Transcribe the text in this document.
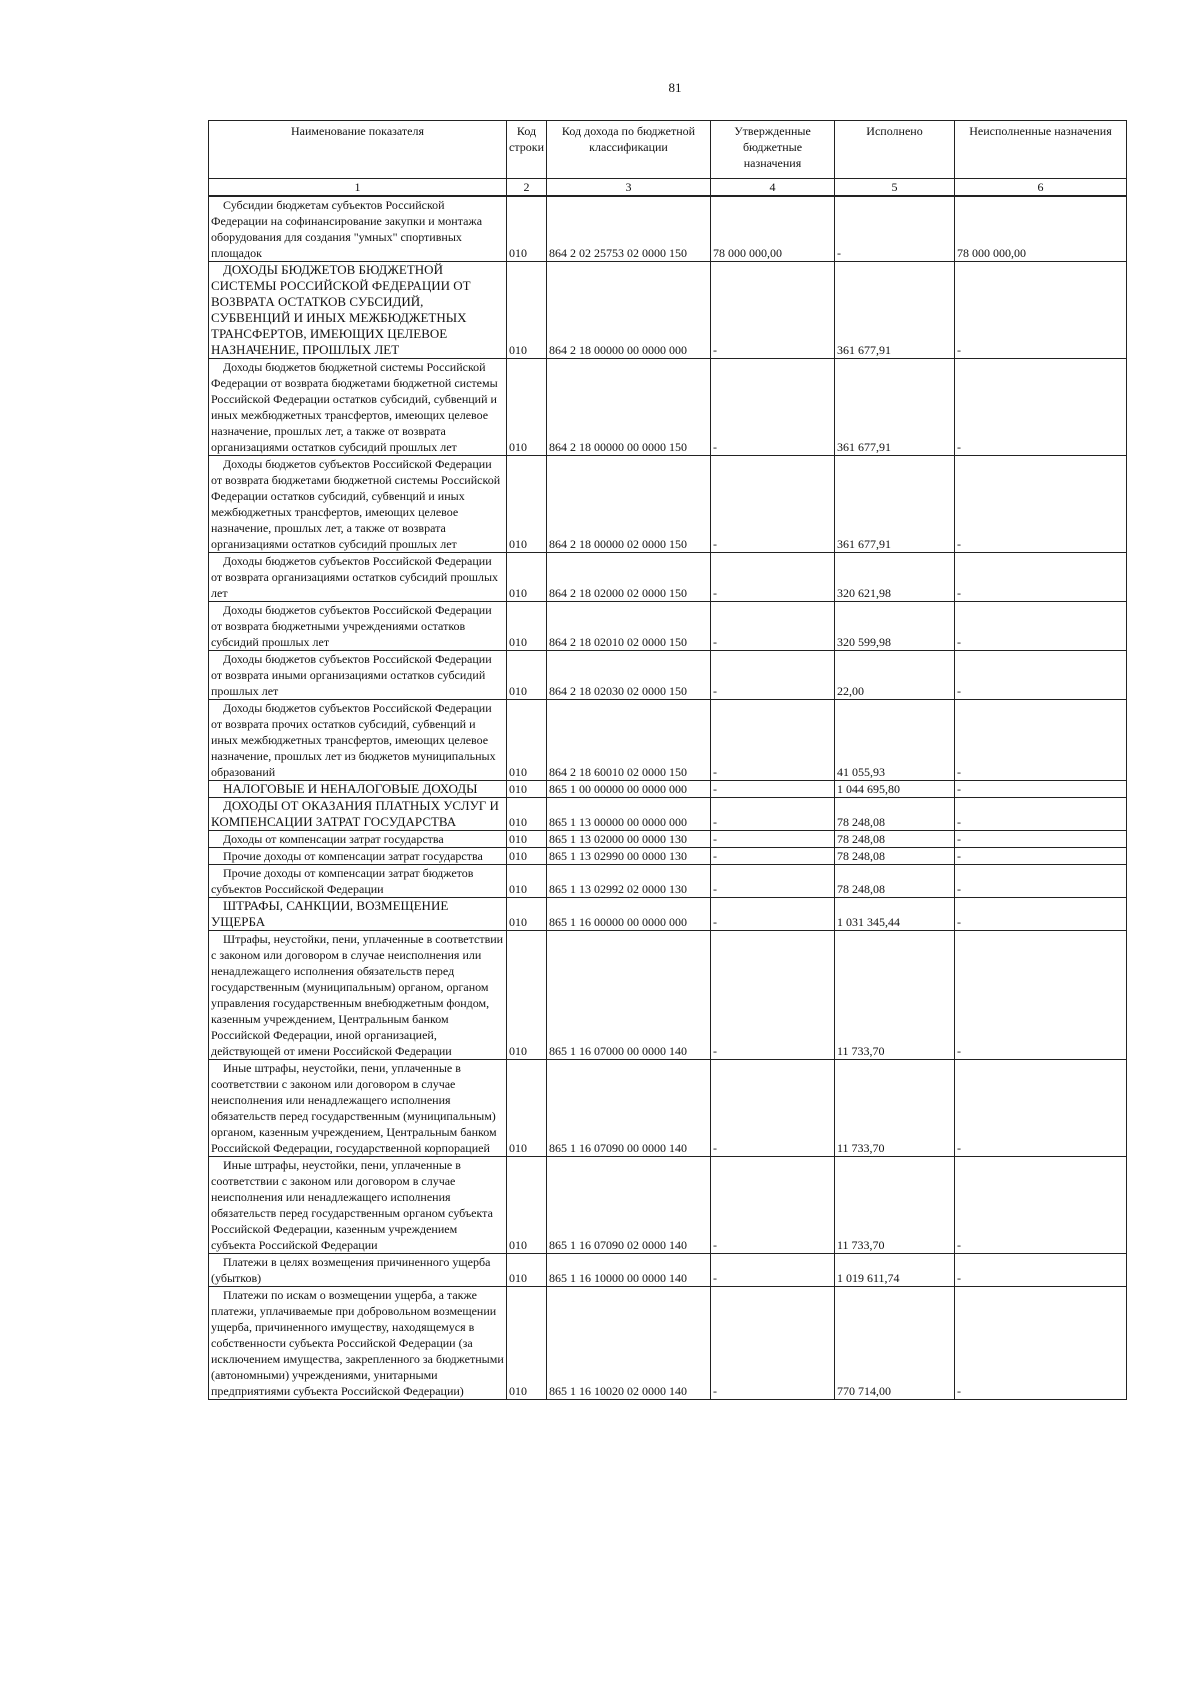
81
Наименование показателя	Код строки	Код дохода по бюджетной классификации	Утвержденные бюджетные назначения	Исполнено	Неисполненные назначения
1	2	3	4	5	6
Субсидии бюджетам субъектов Российской Федерации на софинансирование закупки и монтажа оборудования для создания "умных" спортивных площадок	010	864 2 02 25753 02 0000 150	78 000 000,00	-	78 000 000,00
ДОХОДЫ БЮДЖЕТОВ БЮДЖЕТНОЙ СИСТЕМЫ РОССИЙСКОЙ ФЕДЕРАЦИИ ОТ ВОЗВРАТА ОСТАТКОВ СУБСИДИЙ, СУБВЕНЦИЙ И ИНЫХ МЕЖБЮДЖЕТНЫХ ТРАНСФЕРТОВ, ИМЕЮЩИХ ЦЕЛЕВОЕ НАЗНАЧЕНИЕ, ПРОШЛЫХ ЛЕТ	010	864 2 18 00000 00 0000 000	-	361 677,91	-
Доходы бюджетов бюджетной системы Российской Федерации от возврата бюджетами бюджетной системы Российской Федерации остатков субсидий, субвенций и иных межбюджетных трансфертов, имеющих целевое назначение, прошлых лет, а также от возврата организациями остатков субсидий прошлых лет	010	864 2 18 00000 00 0000 150	-	361 677,91	-
Доходы бюджетов субъектов Российской Федерации от возврата бюджетами бюджетной системы Российской Федерации остатков субсидий, субвенций и иных межбюджетных трансфертов, имеющих целевое назначение, прошлых лет, а также от возврата организациями остатков субсидий прошлых лет	010	864 2 18 00000 02 0000 150	-	361 677,91	-
Доходы бюджетов субъектов Российской Федерации от возврата организациями остатков субсидий прошлых лет	010	864 2 18 02000 02 0000 150	-	320 621,98	-
Доходы бюджетов субъектов Российской Федерации от возврата бюджетными учреждениями остатков субсидий прошлых лет	010	864 2 18 02010 02 0000 150	-	320 599,98	-
Доходы бюджетов субъектов Российской Федерации от возврата иными организациями остатков субсидий прошлых лет	010	864 2 18 02030 02 0000 150	-	22,00	-
Доходы бюджетов субъектов Российской Федерации от возврата прочих остатков субсидий, субвенций и иных межбюджетных трансфертов, имеющих целевое назначение, прошлых лет из бюджетов муниципальных образований	010	864 2 18 60010 02 0000 150	-	41 055,93	-
НАЛОГОВЫЕ И НЕНАЛОГОВЫЕ ДОХОДЫ	010	865 1 00 00000 00 0000 000	-	1 044 695,80	-
ДОХОДЫ ОТ ОКАЗАНИЯ ПЛАТНЫХ УСЛУГ И КОМПЕНСАЦИИ ЗАТРАТ ГОСУДАРСТВА	010	865 1 13 00000 00 0000 000	-	78 248,08	-
Доходы от компенсации затрат государства	010	865 1 13 02000 00 0000 130	-	78 248,08	-
Прочие доходы от компенсации затрат государства	010	865 1 13 02990 00 0000 130	-	78 248,08	-
Прочие доходы от компенсации затрат бюджетов субъектов Российской Федерации	010	865 1 13 02992 02 0000 130	-	78 248,08	-
ШТРАФЫ, САНКЦИИ, ВОЗМЕЩЕНИЕ УЩЕРБА	010	865 1 16 00000 00 0000 000	-	1 031 345,44	-
Штрафы, неустойки, пени, уплаченные в соответствии с законом или договором в случае неисполнения или ненадлежащего исполнения обязательств перед государственным (муниципальным) органом, органом управления государственным внебюджетным фондом, казенным учреждением, Центральным банком Российской Федерации, иной организацией, действующей от имени Российской Федерации	010	865 1 16 07000 00 0000 140	-	11 733,70	-
Иные штрафы, неустойки, пени, уплаченные в соответствии с законом или договором в случае неисполнения или ненадлежащего исполнения обязательств перед государственным (муниципальным) органом, казенным учреждением, Центральным банком Российской Федерации, государственной корпорацией	010	865 1 16 07090 00 0000 140	-	11 733,70	-
Иные штрафы, неустойки, пени, уплаченные в соответствии с законом или договором в случае неисполнения или ненадлежащего исполнения обязательств перед государственным органом субъекта Российской Федерации, казенным учреждением субъекта Российской Федерации	010	865 1 16 07090 02 0000 140	-	11 733,70	-
Платежи в целях возмещения причиненного ущерба (убытков)	010	865 1 16 10000 00 0000 140	-	1 019 611,74	-
Платежи по искам о возмещении ущерба, а также платежи, уплачиваемые при добровольном возмещении ущерба, причиненного имуществу, находящемуся в собственности субъекта Российской Федерации (за исключением имущества, закрепленного за бюджетными (автономными) учреждениями, унитарными предприятиями субъекта Российской Федерации)	010	865 1 16 10020 02 0000 140	-	770 714,00	-
